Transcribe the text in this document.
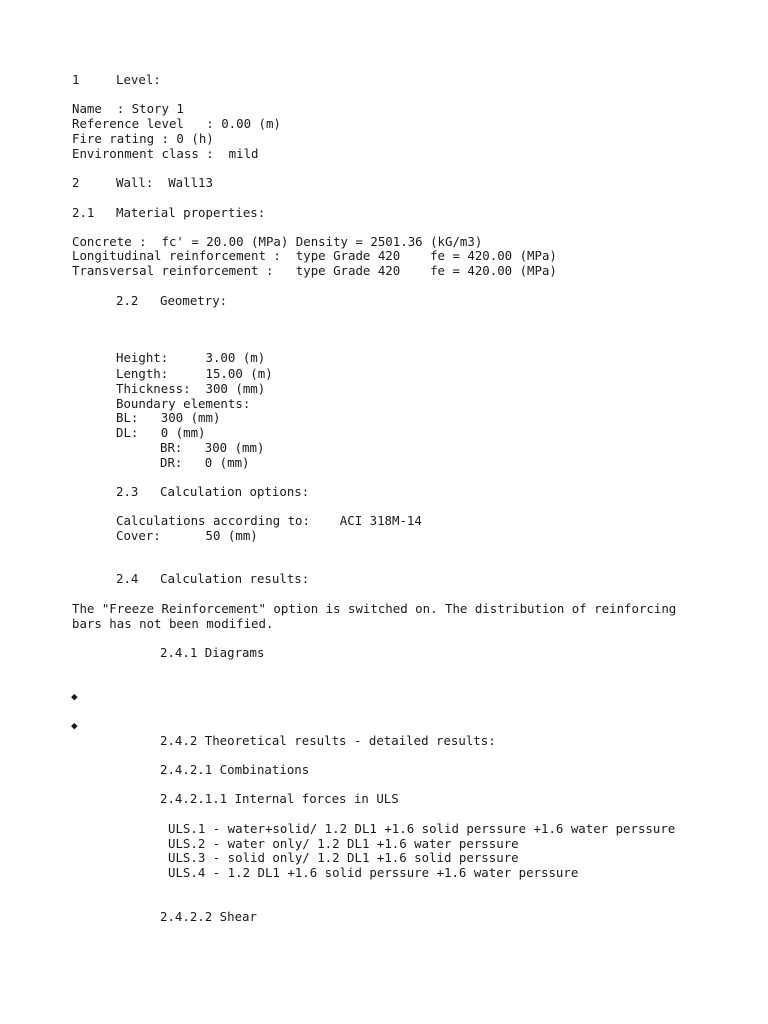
1	Level:
Name  : Story 1
Reference level   : 0.00 (m)
Fire rating : 0 (h)
Environment class :  mild
2	Wall:  Wall13
2.1 Material properties:
Concrete :  fc' = 20.00 (MPa) Density = 2501.36 (kG/m3)
Longitudinal reinforcement :  type Grade 420    fe = 420.00 (MPa)
Transversal reinforcement :   type Grade 420    fe = 420.00 (MPa)
2.2 Geometry:
Height:     3.00 (m)
Length:     15.00 (m)
Thickness:  300 (mm)
Boundary elements:
BL:   300 (mm)
DL:   0 (mm)
BR:   300 (mm)
DR:   0 (mm)
2.3 Calculation options:
Calculations according to:    ACI 318M-14
Cover:      50 (mm)
2.4 Calculation results:
The "Freeze Reinforcement" option is switched on. The distribution of reinforcing
bars has not been modified.
2.4.1 Diagrams
◆
◆
2.4.2 Theoretical results - detailed results:
2.4.2.1 Combinations
2.4.2.1.1 Internal forces in ULS
ULS.1 - water+solid/ 1.2 DL1 +1.6 solid perssure +1.6 water perssure
ULS.2 - water only/ 1.2 DL1 +1.6 water perssure
ULS.3 - solid only/ 1.2 DL1 +1.6 solid perssure
ULS.4 - 1.2 DL1 +1.6 solid perssure +1.6 water perssure
2.4.2.2 Shear
